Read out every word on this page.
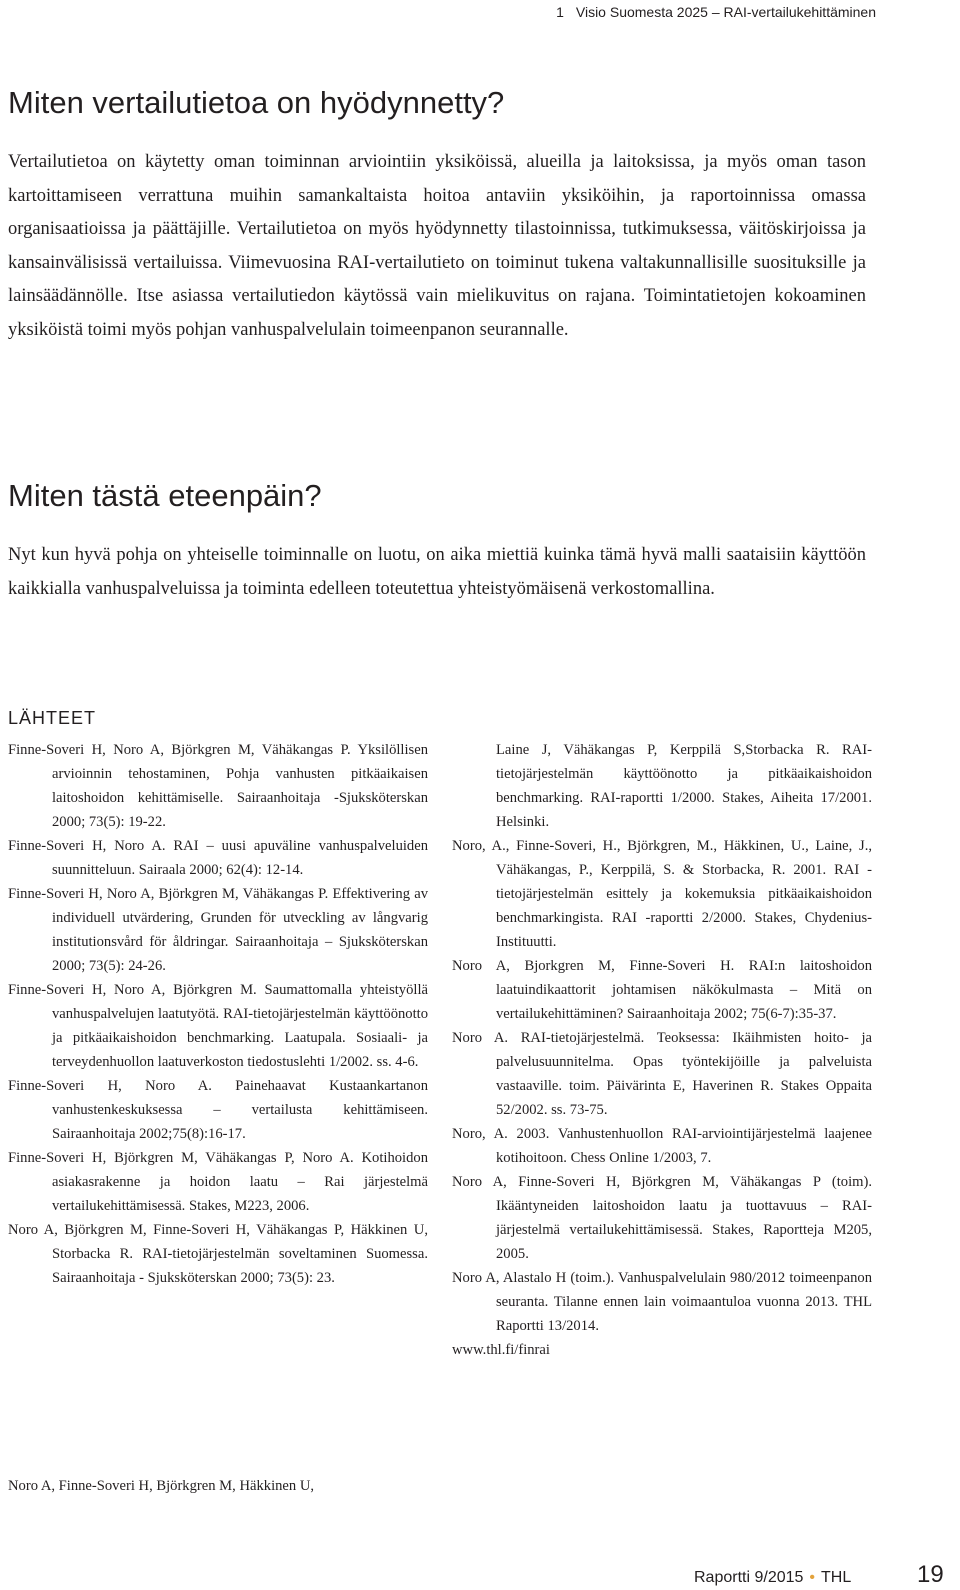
1 Visio Suomesta 2025 – RAI-vertailukehittäminen
Miten vertailutietoa on hyödynnetty?

Vertailutietoa on käytetty oman toiminnan arviointiin yksiköissä, alueilla ja laitoksissa, ja myös oman tason kartoittamiseen verrattuna muihin samankaltaista hoitoa antaviin yksiköihin, ja raportoinnissa omassa organisaatioissa ja päättäjille. Vertailutietoa on myös hyödynnetty tilastoinnissa, tutkimuksessa, väitöskirjoissa ja kansainvälisissä vertailuissa. Viimevuosina RAI-vertailutieto on toiminut tukena valtakunnallisille suosituksille ja lainsäädännölle. Itse asiassa vertailutiedon käytössä vain mielikuvitus on rajana. Toimintatietojen kokoaminen yksiköistä toimi myös pohjan vanhuspalvelulain toimeenpanon seurannalle.

Miten tästä eteenpäin?

Nyt kun hyvä pohja on yhteiselle toiminnalle on luotu, on aika miettiä kuinka tämä hyvä malli saataisiin käyttöön kaikkialla vanhuspalveluissa ja toiminta edelleen toteutettua yhteistyömäisenä verkostomallina.

LÄHTEET

Finne-Soveri H, Noro A, Björkgren M, Vähäkangas P. Yksilöllisen arvioinnin tehostaminen, Pohja vanhusten pitkäaikaisen laitoshoidon kehittämiselle. Sairaanhoitaja -Sjuksköterskan 2000; 73(5): 19-22.

Finne-Soveri H, Noro A. RAI – uusi apuväline vanhuspalveluiden suunnitteluun. Sairaala 2000; 62(4): 12-14.

Finne-Soveri H, Noro A, Björkgren M, Vähäkangas P. Effektivering av individuell utvärdering, Grunden för utveckling av långvarig institutionsvård för åldringar. Sairaanhoitaja – Sjuksköterskan 2000; 73(5): 24-26.

Finne-Soveri H, Noro A, Björkgren M. Saumattomalla yhteistyöllä vanhuspalvelujen laatutyötä. RAI-tietojärjestelmän käyttöönotto ja pitkäaikaishoidon benchmarking. Laatupala. Sosiaali- ja terveydenhuollon laatuverkoston tiedostuslehti 1/2002. ss. 4-6.

Finne-Soveri H, Noro A. Painehaavat Kustaankartanon vanhustenkeskuksessa – vertailusta kehittämiseen. Sairaanhoitaja 2002;75(8):16-17.

Finne-Soveri H, Björkgren M, Vähäkangas P, Noro A. Kotihoidon asiakasrakenne ja hoidon laatu – Rai järjestelmä vertailukehittämisessä. Stakes, M223, 2006.

Noro A, Björkgren M, Finne-Soveri H, Vähäkangas P, Häkkinen U, Storbacka R. RAI-tietojärjestelmän soveltaminen Suomessa. Sairaanhoitaja - Sjuksköterskan 2000; 73(5): 23.

Noro A, Finne-Soveri H, Björkgren M, Häkkinen U,

Laine J, Vähäkangas P, Kerppilä S,Storbacka R. RAI-tietojärjestelmän käyttöönotto ja pitkäaikaishoidon benchmarking. RAI-raportti 1/2000. Stakes, Aiheita 17/2001. Helsinki.

Noro, A., Finne-Soveri, H., Björkgren, M., Häkkinen, U., Laine, J., Vähäkangas, P., Kerppilä, S. & Storbacka, R. 2001. RAI -tietojärjestelmän esittely ja kokemuksia pitkäaikaishoidon benchmarkingista. RAI -raportti 2/2000. Stakes, Chydenius-Instituutti.

Noro A, Bjorkgren M, Finne-Soveri H. RAI:n laitoshoidon laatuindikaattorit johtamisen näkökulmasta – Mitä on vertailukehittäminen? Sairaanhoitaja 2002; 75(6-7):35-37.

Noro A. RAI-tietojärjestelmä. Teoksessa: Ikäihmisten hoito- ja palvelusuunnitelma. Opas työntekijöille ja palveluista vastaaville. toim. Päivärinta E, Haverinen R. Stakes Oppaita 52/2002. ss. 73-75.

Noro, A. 2003. Vanhustenhuollon RAI-arviointijärjestelmä laajenee kotihoitoon. Chess Online 1/2003, 7.

Noro A, Finne-Soveri H, Björkgren M, Vähäkangas P (toim). Ikääntyneiden laitoshoidon laatu ja tuottavuus – RAI-järjestelmä vertailukehittämisessä. Stakes, Raportteja M205, 2005.

Noro A, Alastalo H (toim.). Vanhuspalvelulain 980/2012 toimeenpanon seuranta. Tilanne ennen lain voimaantuloa vuonna 2013. THL Raportti 13/2014.

www.thl.fi/finrai

Raportti 9/2015 • THL	19
